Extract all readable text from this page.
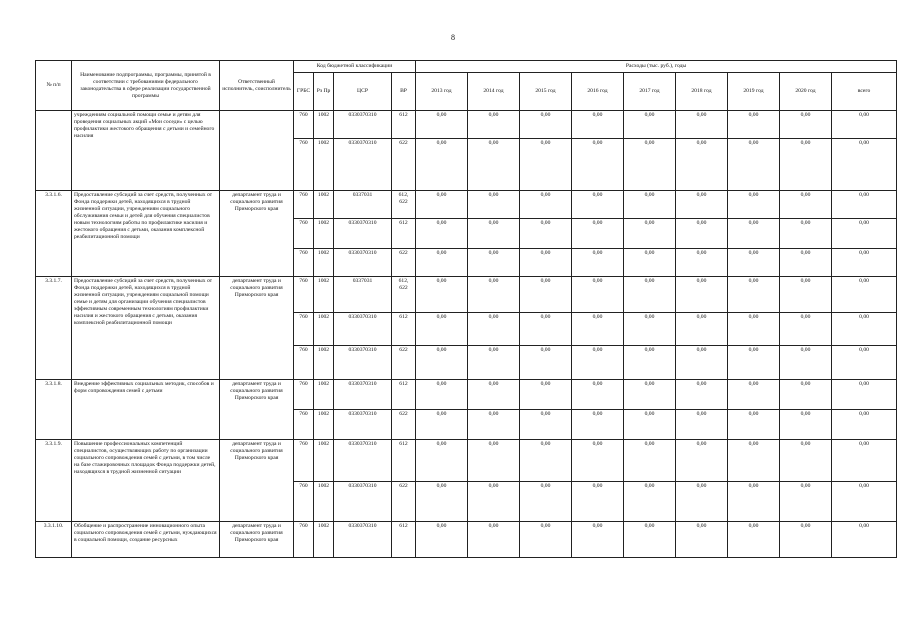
8
№ п/п	Наименование подпрограммы, программы, принятой в соответствии с требованиями федерального законодательства в сфере реализации государственной программы	Ответственный исполнитель, соисполнитель	Код бюджетной классификации				Расходы (тыс. руб.), годы								
			ГРБС	Рз Пр	ЦСР	ВР	2013 год	2014 год	2015 год	2016 год	2017 год	2018 год	2019 год	2020 год	всего
	учреждениям социальной помощи семье и детям для проведения социальных акций «Мои соседи» с целью профилактики жестокого обращения с детьми и семейного насилия		760	1002	0330370310	612	0,00	0,00	0,00	0,00	0,00	0,00	0,00	0,00	0,00
			760	1002	0330370310	622	0,00	0,00	0,00	0,00	0,00	0,00	0,00	0,00	0,00
3.3.1.6.	Предоставление субсидий за счет средств, полученных от Фонда поддержки детей, находящихся в трудной жизненной ситуации, учреждениям социального обслуживания семьи и детей для обучения специалистов новым технологиям работы по профилактике насилия и жестокого обращения с детьми, оказания комплексной реабилитационной помощи	департамент труда и социального развития Приморского края	760	1002	0337031	612, 622	0,00	0,00	0,00	0,00	0,00	0,00	0,00	0,00	0,00
			760	1002	0330370310	612	0,00	0,00	0,00	0,00	0,00	0,00	0,00	0,00	0,00
			760	1002	0330370310	622	0,00	0,00	0,00	0,00	0,00	0,00	0,00	0,00	0,00
3.3.1.7.	Предоставление субсидий за счет средств, полученных от Фонда поддержки детей, находящихся в трудной жизненной ситуации, учреждениям социальной помощи семье и детям для организации обучения специалистов эффективным современным технологиям профилактики насилия и жестокого обращения с детьми, оказания комплексной реабилитационной помощи	департамент труда и социального развития Приморского края	760	1002	0337031	612, 622	0,00	0,00	0,00	0,00	0,00	0,00	0,00	0,00	0,00
			760	1002	0330370310	612	0,00	0,00	0,00	0,00	0,00	0,00	0,00	0,00	0,00
			760	1002	0330370310	622	0,00	0,00	0,00	0,00	0,00	0,00	0,00	0,00	0,00
3.3.1.8.	Внедрение эффективных социальных методик, способов и форм сопровождения семей с детьми	департамент труда и социального развития Приморского края	760	1002	0330370310	612	0,00	0,00	0,00	0,00	0,00	0,00	0,00	0,00	0,00
			760	1002	0330370310	622	0,00	0,00	0,00	0,00	0,00	0,00	0,00	0,00	0,00
3.3.1.9.	Повышение профессиональных компетенций специалистов, осуществляющих работу по организации социального сопровождения семей с детьми, в том числе на базе стажировочных площадок Фонда поддержки детей, находящихся в трудной жизненной ситуации	департамент труда и социального развития Приморского края	760	1002	0330370310	612	0,00	0,00	0,00	0,00	0,00	0,00	0,00	0,00	0,00
			760	1002	0330370310	622	0,00	0,00	0,00	0,00	0,00	0,00	0,00	0,00	0,00
3.3.1.10.	Обобщение и распространение инновационного опыта социального сопровождения семей с детьми, нуждающихся в социальной помощи, создание ресурсных	департамент труда и социального развития Приморского края	760	1002	0330370310	612	0,00	0,00	0,00	0,00	0,00	0,00	0,00	0,00	0,00
